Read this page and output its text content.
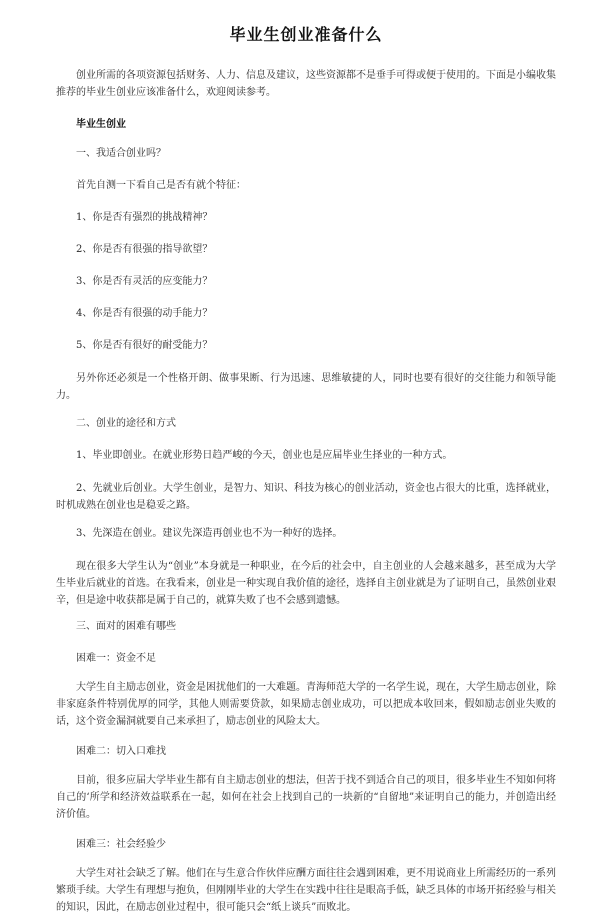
毕业生创业准备什么

创业所需的各项资源包括财务、人力、信息及建议，这些资源都不是垂手可得或便于使用的。下面是小编收集推荐的毕业生创业应该准备什么，欢迎阅读参考。

毕业生创业
一、我适合创业吗？
首先自测一下看自己是否有就个特征：
1、你是否有强烈的挑战精神？
2、你是否有很强的指导欲望？
3、你是否有灵活的应变能力？
4、你是否有很强的动手能力？
5、你是否有很好的耐受能力？

另外你还必须是一个性格开朗、做事果断、行为迅速、思维敏捷的人，同时也要有很好的交往能力和领导能力。

二、创业的途径和方式
1、毕业即创业。在就业形势日趋严峻的今天，创业也是应届毕业生择业的一种方式。

2、先就业后创业。大学生创业，是智力、知识、科技为核心的创业活动，资金也占很大的比重，选择就业，时机成熟在创业也是稳妥之路。

3、先深造在创业。建议先深造再创业也不为一种好的选择。

现在很多大学生认为“创业”本身就是一种职业，在今后的社会中，自主创业的人会越来越多，甚至成为大学生毕业后就业的首选。在我看来，创业是一种实现自我价值的途径，选择自主创业就是为了证明自己，虽然创业艰辛，但是途中收获都是属于自己的，就算失败了也不会感到遗憾。

三、面对的困难有哪些
困难一：资金不足

大学生自主励志创业，资金是困扰他们的一大难题。青海师范大学的一名学生说，现在，大学生励志创业，除非家庭条件特别优厚的同学，其他人则需要贷款，如果励志创业成功，可以把成本收回来，假如励志创业失败的话，这个资金漏洞就要自己来承担了，励志创业的风险太大。

困难二：切入口难找

目前，很多应届大学毕业生都有自主励志创业的想法，但苦于找不到适合自己的项目，很多毕业生不知如何将自己的‘所学和经济效益联系在一起，如何在社会上找到自己的一块新的“自留地”来证明自己的能力，并创造出经济价值。

困难三：社会经验少

大学生对社会缺乏了解。他们在与生意合作伙伴应酬方面往往会遇到困难，更不用说商业上所需经历的一系列繁琐手续。大学生有理想与抱负，但刚刚毕业的大学生在实践中往往是眼高手低，缺乏具体的市场开拓经验与相关的知识，因此，在励志创业过程中，很可能只会“纸上谈兵”而败北。
